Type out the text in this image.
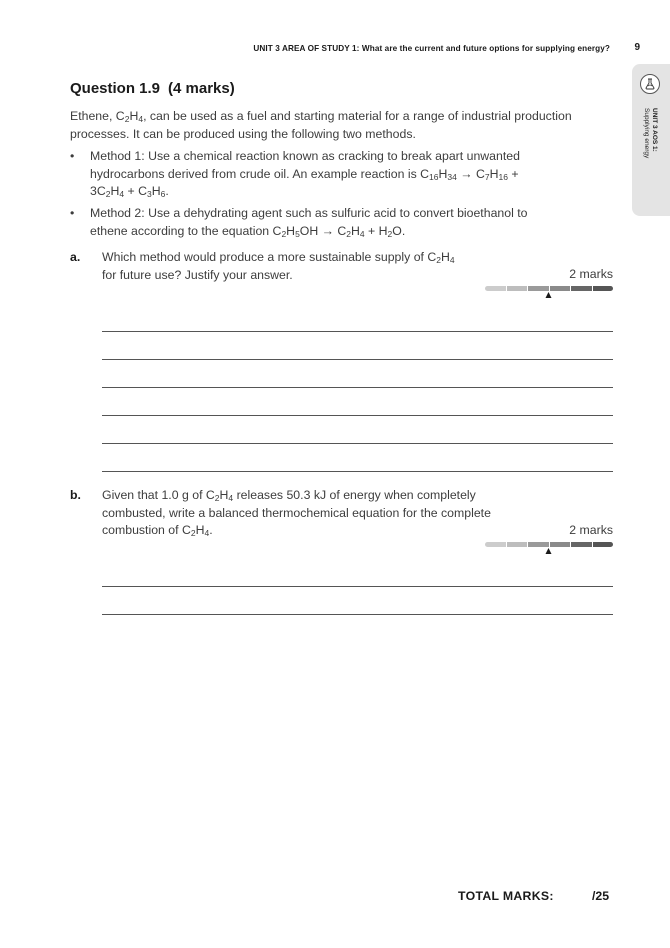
UNIT 3 AREA OF STUDY 1: What are the current and future options for supplying energy? 9
UNIT 3 AOS 1:
Supplying energy
Question 1.9 (4 marks)
Ethene, $C_2H_4$, can be used as a fuel and starting material for a range of industrial production processes. It can be produced using the following two methods.
• Method 1: Use a chemical reaction known as cracking to break apart unwanted hydrocarbons derived from crude oil. An example reaction is $C_{16}H_{34} \to C_7H_{16} + 3C_2H_4 + C_3H_6$.
• Method 2: Use a dehydrating agent such as sulfuric acid to convert bioethanol to ethene according to the equation $C_2H_5OH \to C_2H_4 + H_2O$.
a. Which method would produce a more sustainable supply of $C_2H_4$
for future use? Justify your answer.	2 marks
b. Given that 1.0 g of $C_2H_4$ releases 50.3 kJ of energy when completely combusted, write a balanced thermochemical equation for the complete combustion of $C_2H_4$.	2 marks
TOTAL MARKS:	/25
